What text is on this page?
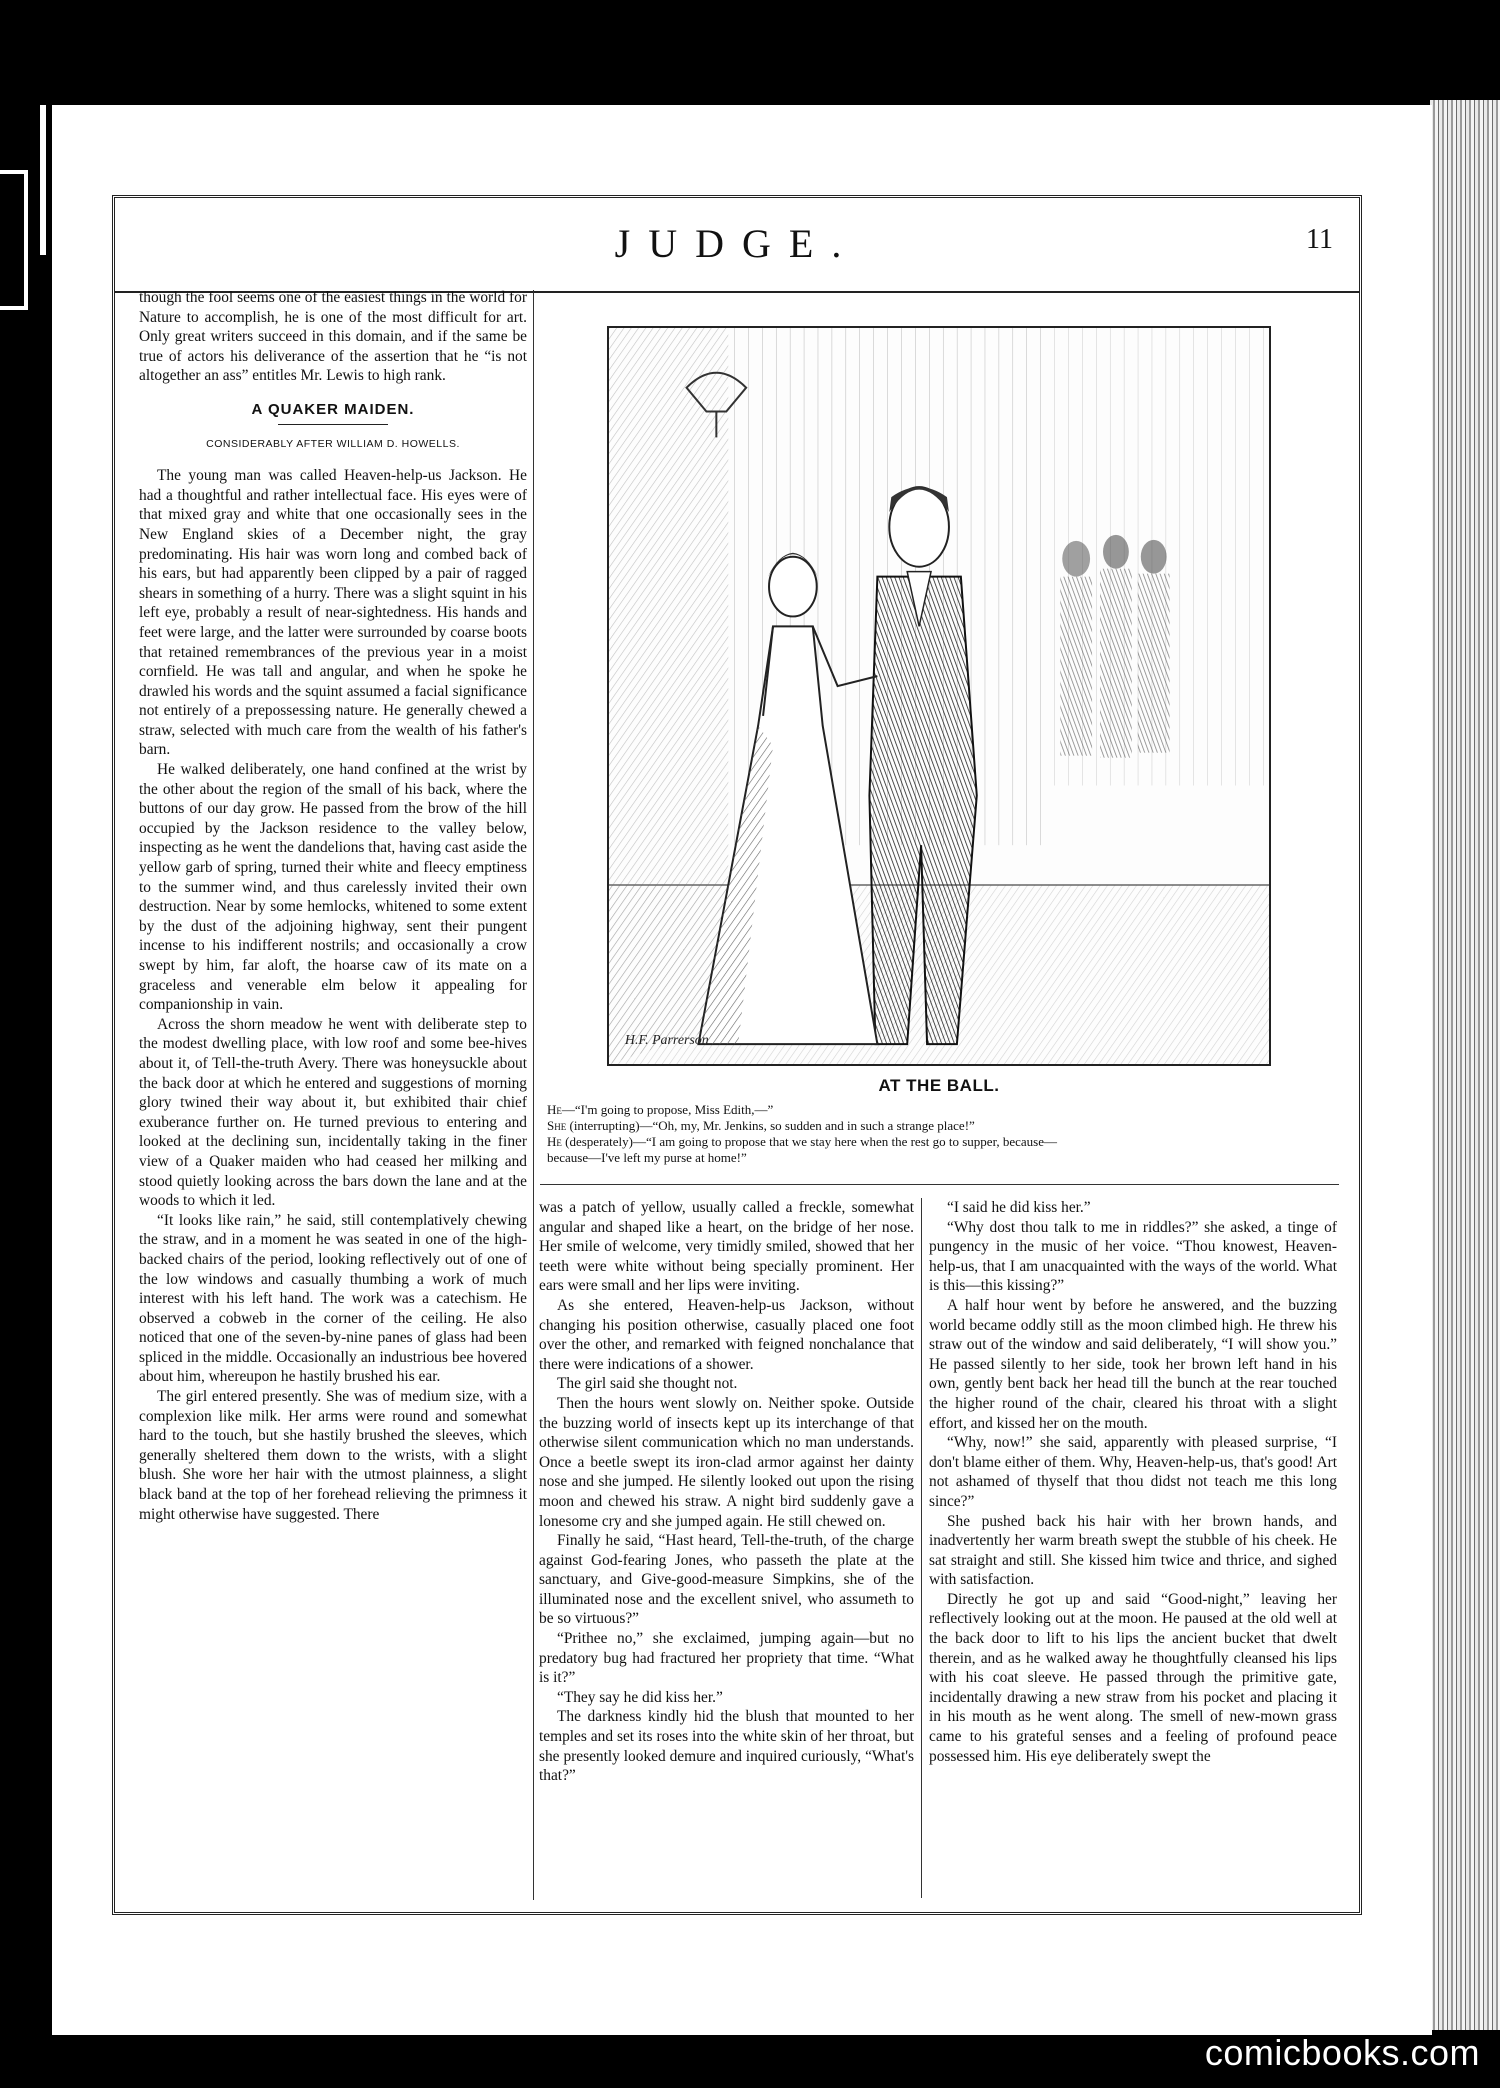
JUDGE.	11

though the fool seems one of the easiest things in the world for Nature to accomplish, he is one of the most difficult for art. Only great writers succeed in this domain, and if the same be true of actors his deliverance of the assertion that he “is not altogether an ass” entitles Mr. Lewis to high rank.

A QUAKER MAIDEN.
CONSIDERABLY AFTER WILLIAM D. HOWELLS.

The young man was called Heaven-help-us Jackson. He had a thoughtful and rather intellectual face. His eyes were of that mixed gray and white that one occasionally sees in the New England skies of a December night, the gray predominating. His hair was worn long and combed back of his ears, but had apparently been clipped by a pair of ragged shears in something of a hurry. There was a slight squint in his left eye, probably a result of near-sightedness. His hands and feet were large, and the latter were surrounded by coarse boots that retained remembrances of the previous year in a moist cornfield. He was tall and angular, and when he spoke he drawled his words and the squint assumed a facial significance not entirely of a prepossessing nature. He generally chewed a straw, selected with much care from the wealth of his father's barn.

He walked deliberately, one hand confined at the wrist by the other about the region of the small of his back, where the buttons of our day grow. He passed from the brow of the hill occupied by the Jackson residence to the valley below, inspecting as he went the dandelions that, having cast aside the yellow garb of spring, turned their white and fleecy emptiness to the summer wind, and thus carelessly invited their own destruction. Near by some hemlocks, whitened to some extent by the dust of the adjoining highway, sent their pungent incense to his indifferent nostrils; and occasionally a crow swept by him, far aloft, the hoarse caw of its mate on a graceless and venerable elm below it appealing for companionship in vain.

Across the shorn meadow he went with deliberate step to the modest dwelling place, with low roof and some bee-hives about it, of Tell-the-truth Avery. There was honeysuckle about the back door at which he entered and suggestions of morning glory twined their way about it, but exhibited thair chief exuberance further on. He turned previous to entering and looked at the declining sun, incidentally taking in the finer view of a Quaker maiden who had ceased her milking and stood quietly looking across the bars down the lane and at the woods to which it led.

“It looks like rain,” he said, still contemplatively chewing the straw, and in a moment he was seated in one of the high-backed chairs of the period, looking reflectively out of one of the low windows and casually thumbing a work of much interest with his left hand. The work was a catechism. He observed a cobweb in the corner of the ceiling. He also noticed that one of the seven-by-nine panes of glass had been spliced in the middle. Occasionally an industrious bee hovered about him, whereupon he hastily brushed his ear.

The girl entered presently. She was of medium size, with a complexion like milk. Her arms were round and somewhat hard to the touch, but she hastily brushed the sleeves, which generally sheltered them down to the wrists, with a slight blush. She wore her hair with the utmost plainness, a slight black band at the top of her forehead relieving the primness it might otherwise have suggested. There

H.F. Parrerson
AT THE BALL.
He—“I'm going to propose, Miss Edith,—”
She (interrupting)—“Oh, my, Mr. Jenkins, so sudden and in such a strange place!”
He (desperately)—“I am going to propose that we stay here when the rest go to supper, because—
because—I've left my purse at home!”

was a patch of yellow, usually called a freckle, somewhat angular and shaped like a heart, on the bridge of her nose. Her smile of welcome, very timidly smiled, showed that her teeth were white without being specially prominent. Her ears were small and her lips were inviting.

As she entered, Heaven-help-us Jackson, without changing his position otherwise, casually placed one foot over the other, and remarked with feigned nonchalance that there were indications of a shower.

The girl said she thought not.

Then the hours went slowly on. Neither spoke. Outside the buzzing world of insects kept up its interchange of that otherwise silent communication which no man understands. Once a beetle swept its iron-clad armor against her dainty nose and she jumped. He silently looked out upon the rising moon and chewed his straw. A night bird suddenly gave a lonesome cry and she jumped again. He still chewed on.

Finally he said, “Hast heard, Tell-the-truth, of the charge against God-fearing Jones, who passeth the plate at the sanctuary, and Give-good-measure Simpkins, she of the illuminated nose and the excellent snivel, who assumeth to be so virtuous?”

“Prithee no,” she exclaimed, jumping again—but no predatory bug had fractured her propriety that time. “What is it?”

“They say he did kiss her.”

The darkness kindly hid the blush that mounted to her temples and set its roses into the white skin of her throat, but she presently looked demure and inquired curiously, “What's that?”

“I said he did kiss her.”

“Why dost thou talk to me in riddles?” she asked, a tinge of pungency in the music of her voice. “Thou knowest, Heaven-help-us, that I am unacquainted with the ways of the world. What is this—this kissing?”

A half hour went by before he answered, and the buzzing world became oddly still as the moon climbed high. He threw his straw out of the window and said deliberately, “I will show you.” He passed silently to her side, took her brown left hand in his own, gently bent back her head till the bunch at the rear touched the higher round of the chair, cleared his throat with a slight effort, and kissed her on the mouth.

“Why, now!” she said, apparently with pleased surprise, “I don't blame either of them. Why, Heaven-help-us, that's good! Art not ashamed of thyself that thou didst not teach me this long since?”

She pushed back his hair with her brown hands, and inadvertently her warm breath swept the stubble of his cheek. He sat straight and still. She kissed him twice and thrice, and sighed with satisfaction.

Directly he got up and said “Good-night,” leaving her reflectively looking out at the moon. He paused at the old well at the back door to lift to his lips the ancient bucket that dwelt therein, and as he walked away he thoughtfully cleansed his lips with his coat sleeve. He passed through the primitive gate, incidentally drawing a new straw from his pocket and placing it in his mouth as he went along. The smell of new-mown grass came to his grateful senses and a feeling of profound peace possessed him. His eye deliberately swept the

comicbooks.com
